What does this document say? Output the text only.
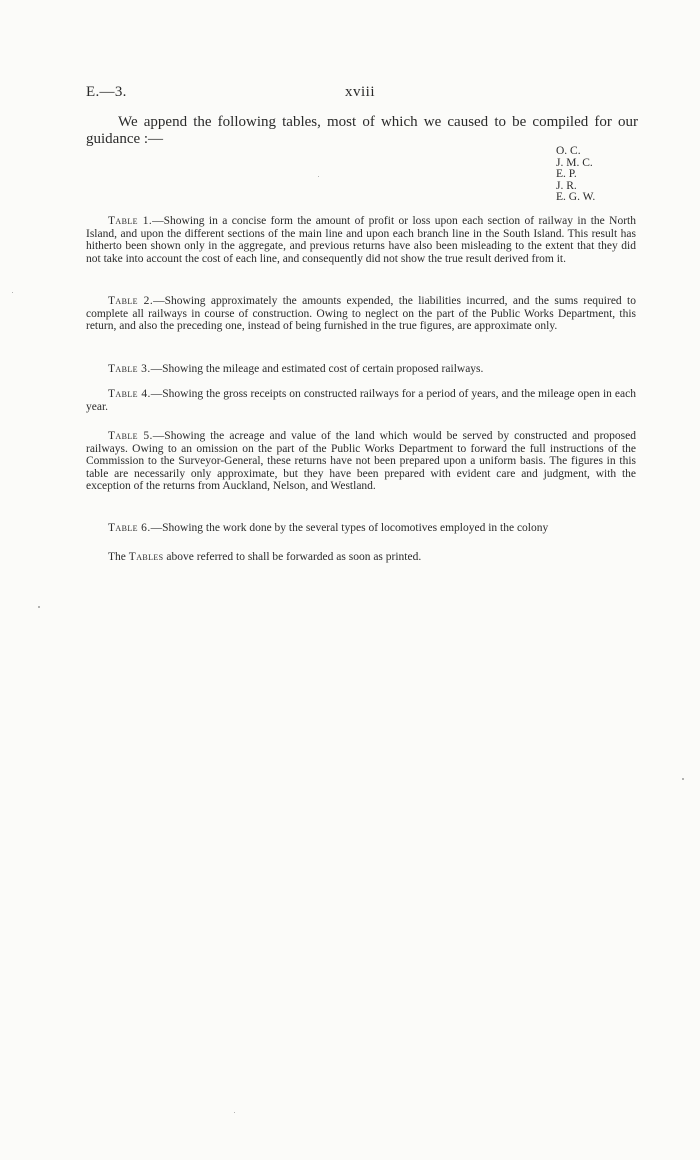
E.—3.	xviii

We append the following tables, most of which we caused to be compiled for our guidance :—

O. C.
J. M. C.
E. P.
J. R.
E. G. W.

Table 1.—Showing in a concise form the amount of profit or loss upon each section of railway in the North Island, and upon the different sections of the main line and upon each branch line in the South Island. This result has hitherto been shown only in the aggregate, and previous returns have also been misleading to the extent that they did not take into account the cost of each line, and consequently did not show the true result derived from it.

Table 2.—Showing approximately the amounts expended, the liabilities incurred, and the sums required to complete all railways in course of construction. Owing to neglect on the part of the Public Works Department, this return, and also the preceding one, instead of being furnished in the true figures, are approximate only.

Table 3.—Showing the mileage and estimated cost of certain proposed railways.

Table 4.—Showing the gross receipts on constructed railways for a period of years, and the mileage open in each year.

Table 5.—Showing the acreage and value of the land which would be served by constructed and proposed railways. Owing to an omission on the part of the Public Works Department to forward the full instructions of the Commission to the Surveyor-General, these returns have not been prepared upon a uniform basis. The figures in this table are necessarily only approximate, but they have been prepared with evident care and judgment, with the exception of the returns from Auckland, Nelson, and Westland.

Table 6.—Showing the work done by the several types of locomotives employed in the colony

The Tables above referred to shall be forwarded as soon as printed.
